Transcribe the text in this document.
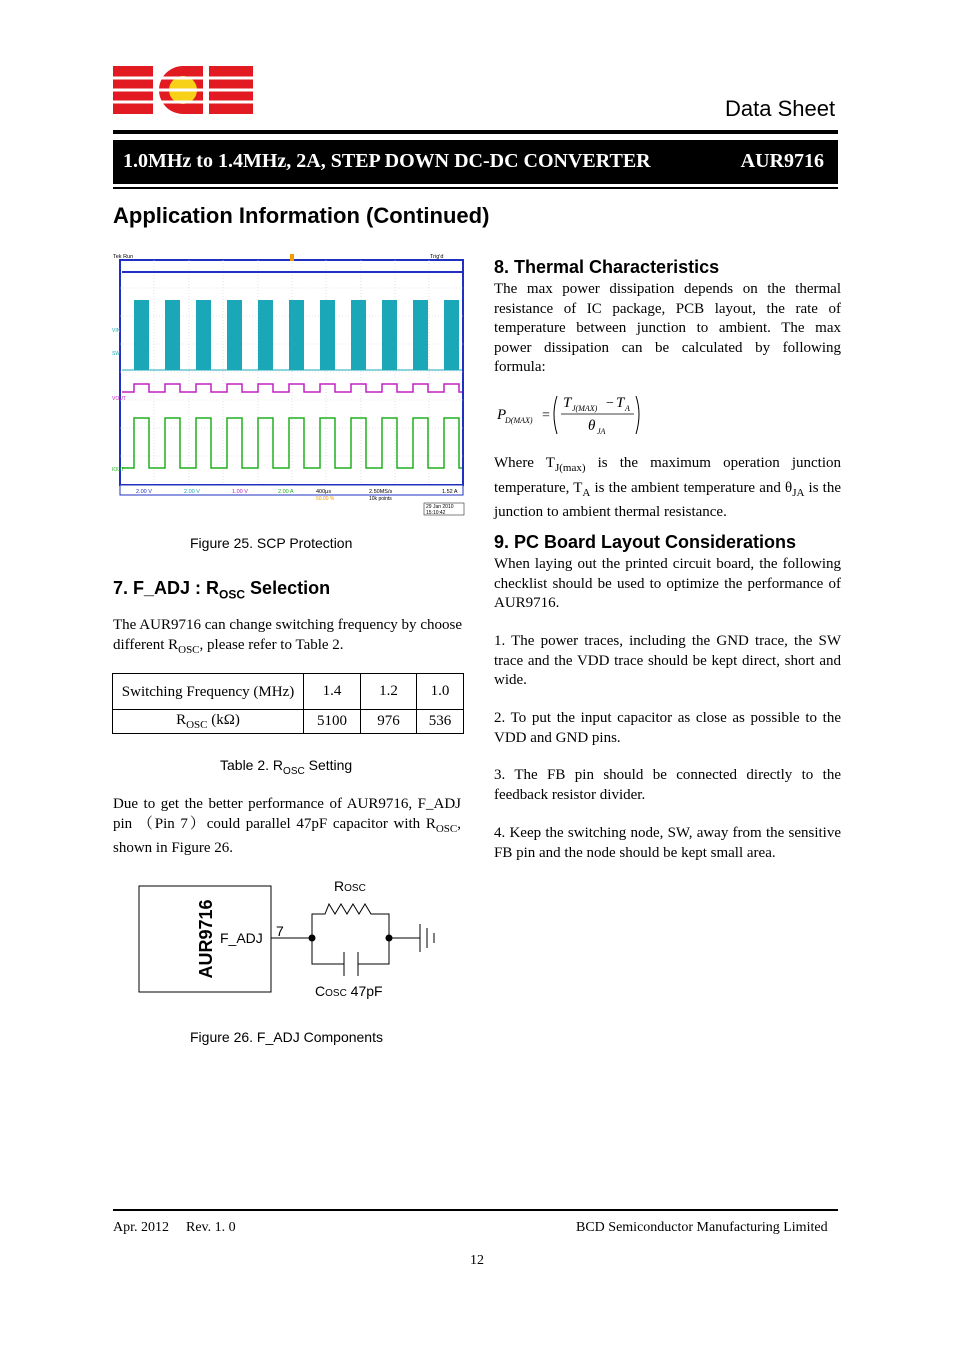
Data Sheet
1.0MHz to 1.4MHz, 2A, STEP DOWN DC-DC CONVERTER	AUR9716
Application Information (Continued)
Tek Run	Trig'd
VIN
SW
VOUT
IOUT
2.00 V	2.00 V	1.00 V	2.00 A	400μs
50.00 %
2.50MS/s
10k points
1.52 A
29 Jan 2010
15:10:42
Figure 25. SCP Protection
7. F_ADJ : $R_{OSC}$ Selection
The AUR9716 can change switching frequency by choose different $R_{OSC}$, please refer to Table 2.
Switching Frequency (MHz)	1.4	1.2	1.0
$R_{OSC}$ (kΩ)	5100	976	536
Table 2. $R_{OSC}$ Setting
Due to get the better performance of AUR9716, F_ADJ pin （Pin 7）could parallel 47pF capacitor with $R_{OSC}$, shown in Figure 26.
AUR9716 F_ADJ 7
ROSC
COSC 47pF
Figure 26. F_ADJ Components
8. Thermal Characteristics
The max power dissipation depends on the thermal resistance of IC package, PCB layout, the rate of temperature between junction to ambient. The max power dissipation can be calculated by following formula:
P
D(MAX) =
T J(MAX) − T A
θ JA
Where $T_{J(max)}$ is the maximum operation junction temperature, $T_A$ is the ambient temperature and $\theta_{JA}$ is the junction to ambient thermal resistance.
9. PC Board Layout Considerations
When laying out the printed circuit board, the following checklist should be used to optimize the performance of AUR9716.
1. The power traces, including the GND trace, the SW trace and the VDD trace should be kept direct, short and wide.
2. To put the input capacitor as close as possible to the VDD and GND pins.
3. The FB pin should be connected directly to the feedback resistor divider.
4. Keep the switching node, SW, away from the sensitive FB pin and the node should be kept small area.
Apr. 2012 Rev. 1. 0	BCD Semiconductor Manufacturing Limited
12
